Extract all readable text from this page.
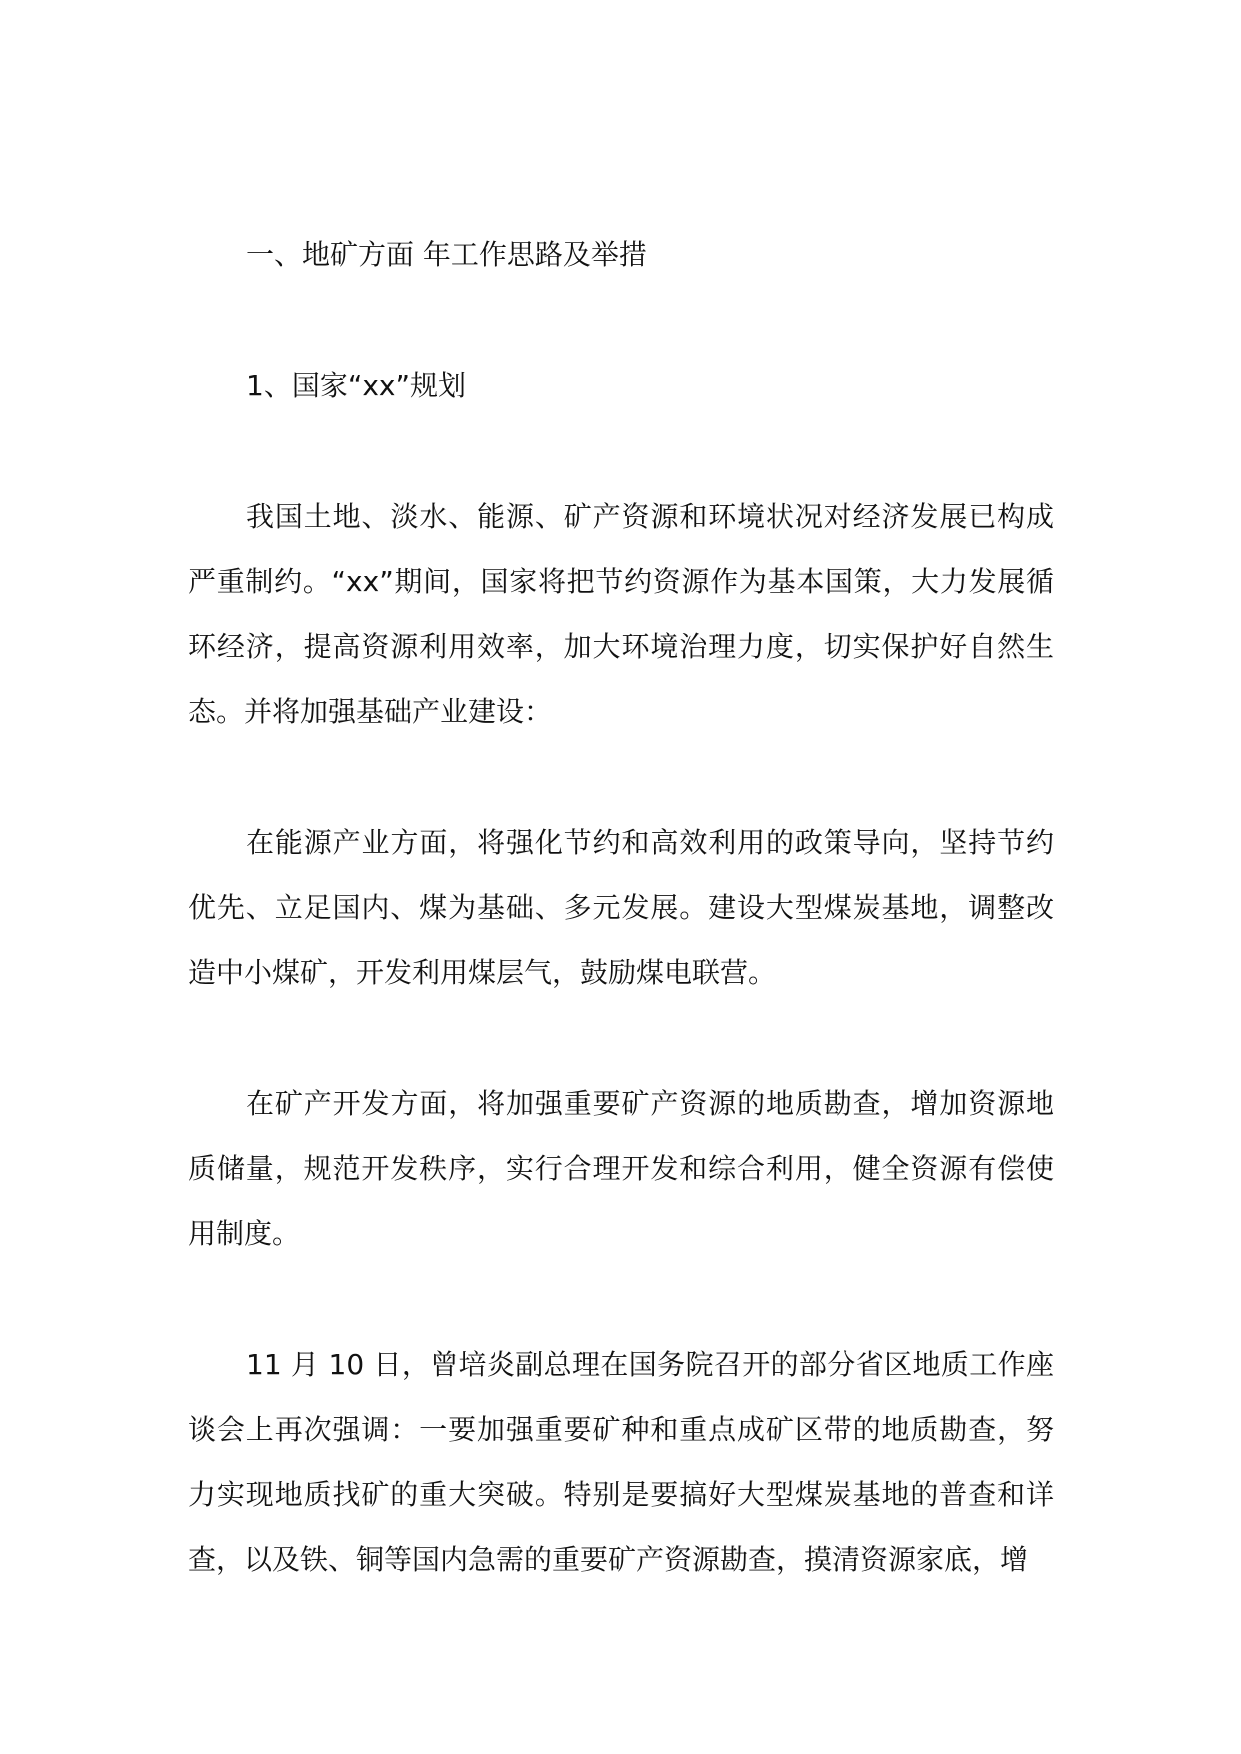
一、地矿方面 年工作思路及举措

1、国家“xx”规划

我国土地、淡水、能源、矿产资源和环境状况对经济发展已构成严重制约。“xx”期间，国家将把节约资源作为基本国策，大力发展循环经济，提高资源利用效率，加大环境治理力度，切实保护好自然生态。并将加强基础产业建设：

在能源产业方面，将强化节约和高效利用的政策导向，坚持节约优先、立足国内、煤为基础、多元发展。建设大型煤炭基地，调整改造中小煤矿，开发利用煤层气，鼓励煤电联营。

在矿产开发方面，将加强重要矿产资源的地质勘查，增加资源地质储量，规范开发秩序，实行合理开发和综合利用，健全资源有偿使用制度。

11 月 10 日，曾培炎副总理在国务院召开的部分省区地质工作座谈会上再次强调：一要加强重要矿种和重点成矿区带的地质勘查，努力实现地质找矿的重大突破。特别是要搞好大型煤炭基地的普查和详查，以及铁、铜等国内急需的重要矿产资源勘查，摸清资源家底，增
